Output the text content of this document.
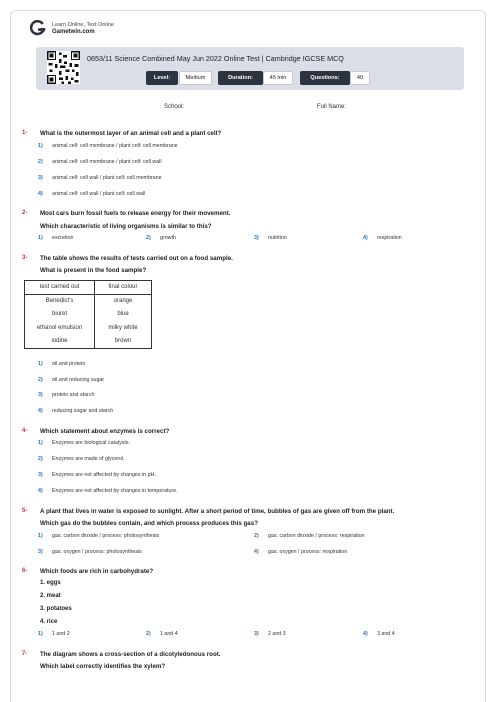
Learn Online, Test Online
Gametwin.com
0653/11 Science Combined May Jun 2022 Online Test | Cambridge IGCSE MCQ
Level:	Medium	Duration:	45 min	Questions:	40
School:	Full Name:
1- What is the outermost layer of an animal cell and a plant cell?
1) animal cell: cell membrane / plant cell: cell membrane
2) animal cell: cell membrane / plant cell: cell wall
3) animal cell: cell wall / plant cell: cell membrane
4) animal cell: cell wall / plant cell: cell wall
2- Most cars burn fossil fuels to release energy for their movement.
Which characteristic of living organisms is similar to this?
1) excretion	2) growth	3) nutrition	4) respiration
3- The table shows the results of tests carried out on a food sample.
What is present in the food sample?
test carried out	final colour
Benedict's	orange
biuret	blue
ethanol emulsion	milky white
iodine	brown
1) oil and protein
2) oil and reducing sugar
3) protein and starch
4) reducing sugar and starch
4- Which statement about enzymes is correct?
1) Enzymes are biological catalysts.
2) Enzymes are made of glycerol.
3) Enzymes are not affected by changes in pH.
4) Enzymes are not affected by changes in temperature.
5- A plant that lives in water is exposed to sunlight. After a short period of time, bubbles of gas are given off from the plant.
Which gas do the bubbles contain, and which process produces this gas?
1) gas: carbon dioxide / process: photosynthesis	2) gas: carbon dioxide / process: respiration
3) gas: oxygen / process: photosynthesis	4) gas: oxygen / process: respiration
6- Which foods are rich in carbohydrate?
1. eggs
2. meat
3. potatoes
4. rice
1) 1 and 2	2) 1 and 4	3) 2 and 3	4) 3 and 4
7- The diagram shows a cross-section of a dicotyledonous root.
Which label correctly identifies the xylem?
